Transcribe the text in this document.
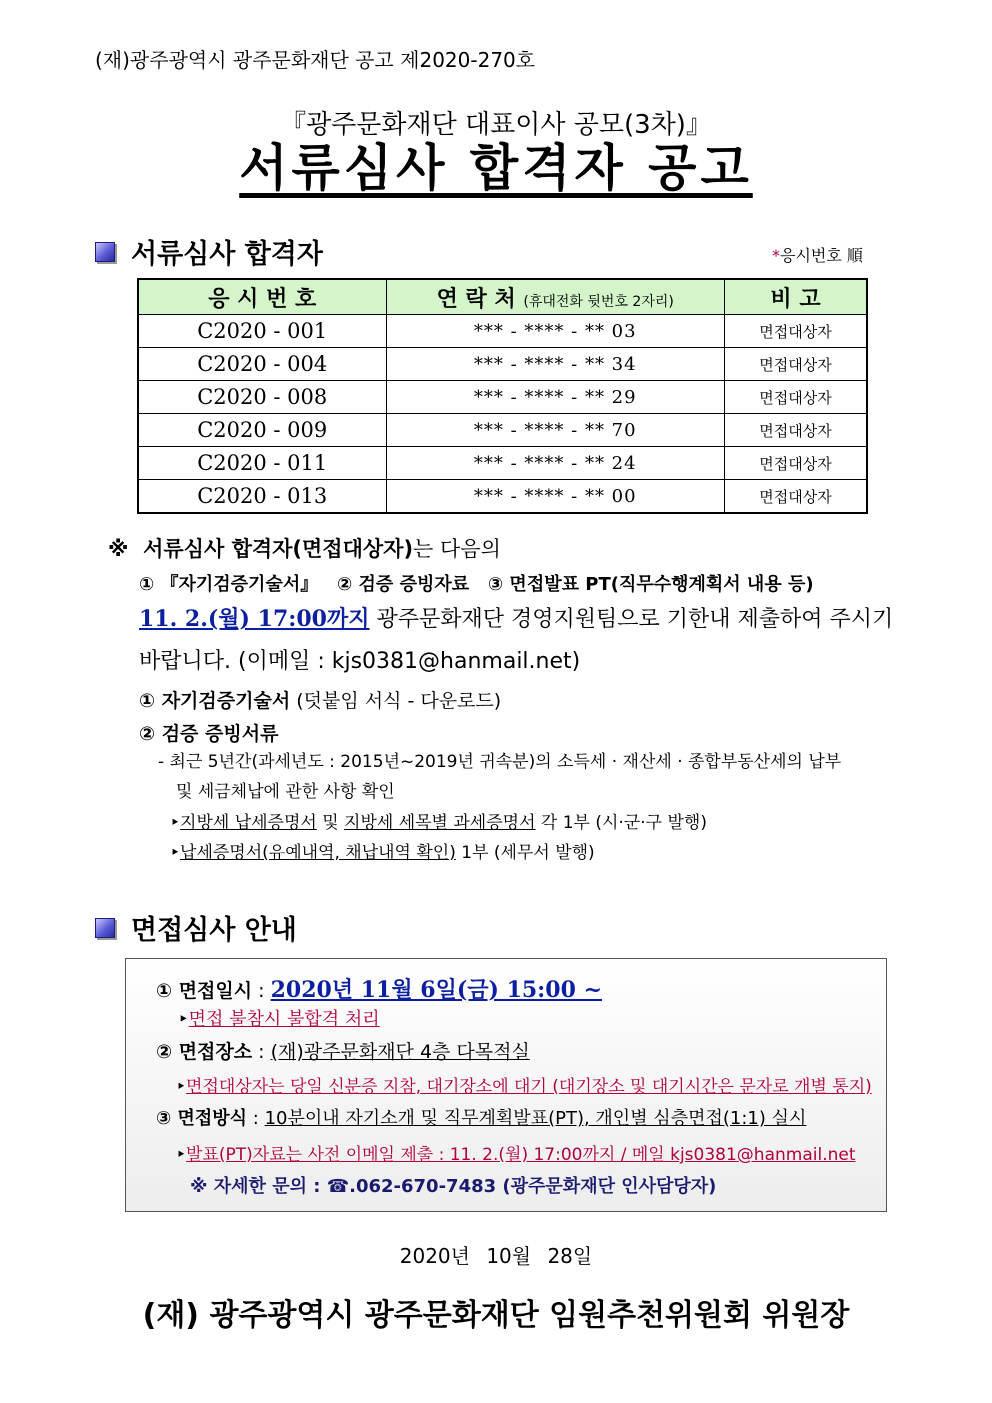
(재)광주광역시 광주문화재단 공고 제2020-270호
『광주문화재단 대표이사 공모(3차)』
서류심사 합격자 공고
서류심사 합격자	*응시번호 順
응 시 번 호	연 락 처 (휴대전화 뒷번호 2자리)	비 고
C2020 - 001	*** - **** - ** 03	면접대상자
C2020 - 004	*** - **** - ** 34	면접대상자
C2020 - 008	*** - **** - ** 29	면접대상자
C2020 - 009	*** - **** - ** 70	면접대상자
C2020 - 011	*** - **** - ** 24	면접대상자
C2020 - 013	*** - **** - ** 00	면접대상자
※ 서류심사 합격자(면접대상자)는 다음의
① 『자기검증기술서』   ② 검증 증빙자료   ③ 면접발표 PT(직무수행계획서 내용 등)
11. 2.(월) 17:00까지 광주문화재단 경영지원팀으로 기한내 제출하여 주시기
바랍니다. (이메일 : kjs0381@hanmail.net)
① 자기검증기술서 (덧붙임 서식 - 다운로드)
② 검증 증빙서류
- 최근 5년간(과세년도 : 2015년~2019년 귀속분)의 소득세 · 재산세 · 종합부동산세의 납부
및 세금체납에 관한 사항 확인
‣지방세 납세증명서 및 지방세 세목별 과세증명서 각 1부 (시·군·구 발행)
‣납세증명서(유예내역, 채납내역 확인) 1부 (세무서 발행)
면접심사 안내
① 면접일시 : 2020년 11월 6일(금) 15:00 ~
‣면접 불참시 불합격 처리
② 면접장소 : (재)광주문화재단 4층 다목적실
‣면접대상자는 당일 신분증 지참, 대기장소에 대기 (대기장소 및 대기시간은 문자로 개별 통지)
③ 면접방식 : 10분이내 자기소개 및 직무계획발표(PT), 개인별 심층면접(1:1) 실시
‣발표(PT)자료는 사전 이메일 제출 : 11. 2.(월) 17:00까지 / 메일 kjs0381@hanmail.net
※ 자세한 문의 : ☎.062-670-7483 (광주문화재단 인사담당자)
2020년 10월 28일
(재) 광주광역시 광주문화재단 임원추천위원회 위원장
